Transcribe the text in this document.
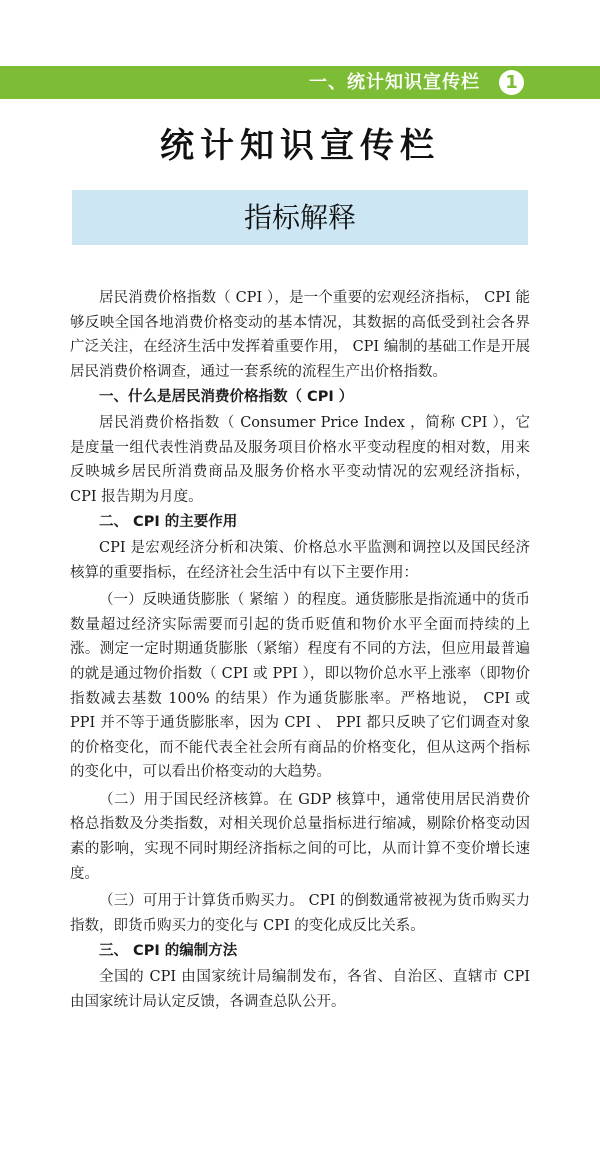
一、统计知识宣传栏	1
统计知识宣传栏
指标解释

居民消费价格指数（ CPI ），是一个重要的宏观经济指标， CPI 能够反映全国各地消费价格变动的基本情况，其数据的高低受到社会各界广泛关注，在经济生活中发挥着重要作用， CPI 编制的基础工作是开展居民消费价格调查，通过一套系统的流程生产出价格指数。

一、什么是居民消费价格指数（ CPI ）

居民消费价格指数（ Consumer Price Index ，简称 CPI ），它是度量一组代表性消费品及服务项目价格水平变动程度的相对数，用来反映城乡居民所消费商品及服务价格水平变动情况的宏观经济指标， CPI 报告期为月度。

二、 CPI 的主要作用

CPI 是宏观经济分析和决策、价格总水平监测和调控以及国民经济核算的重要指标，在经济社会生活中有以下主要作用：

（一）反映通货膨胀（ 紧缩 ）的程度。通货膨胀是指流通中的货币数量超过经济实际需要而引起的货币贬值和物价水平全面而持续的上涨。测定一定时期通货膨胀（紧缩）程度有不同的方法，但应用最普遍的就是通过物价指数（ CPI 或 PPI ），即以物价总水平上涨率（即物价指数减去基数 100% 的结果）作为通货膨胀率。严格地说， CPI 或 PPI 并不等于通货膨胀率，因为 CPI 、 PPI 都只反映了它们调查对象的价格变化，而不能代表全社会所有商品的价格变化，但从这两个指标的变化中，可以看出价格变动的大趋势。

（二）用于国民经济核算。在 GDP 核算中，通常使用居民消费价格总指数及分类指数，对相关现价总量指标进行缩减，剔除价格变动因素的影响，实现不同时期经济指标之间的可比，从而计算不变价增长速度。

（三）可用于计算货币购买力。 CPI 的倒数通常被视为货币购买力指数，即货币购买力的变化与 CPI 的变化成反比关系。

三、 CPI 的编制方法

全国的 CPI 由国家统计局编制发布，各省、自治区、直辖市 CPI 由国家统计局认定反馈，各调查总队公开。
